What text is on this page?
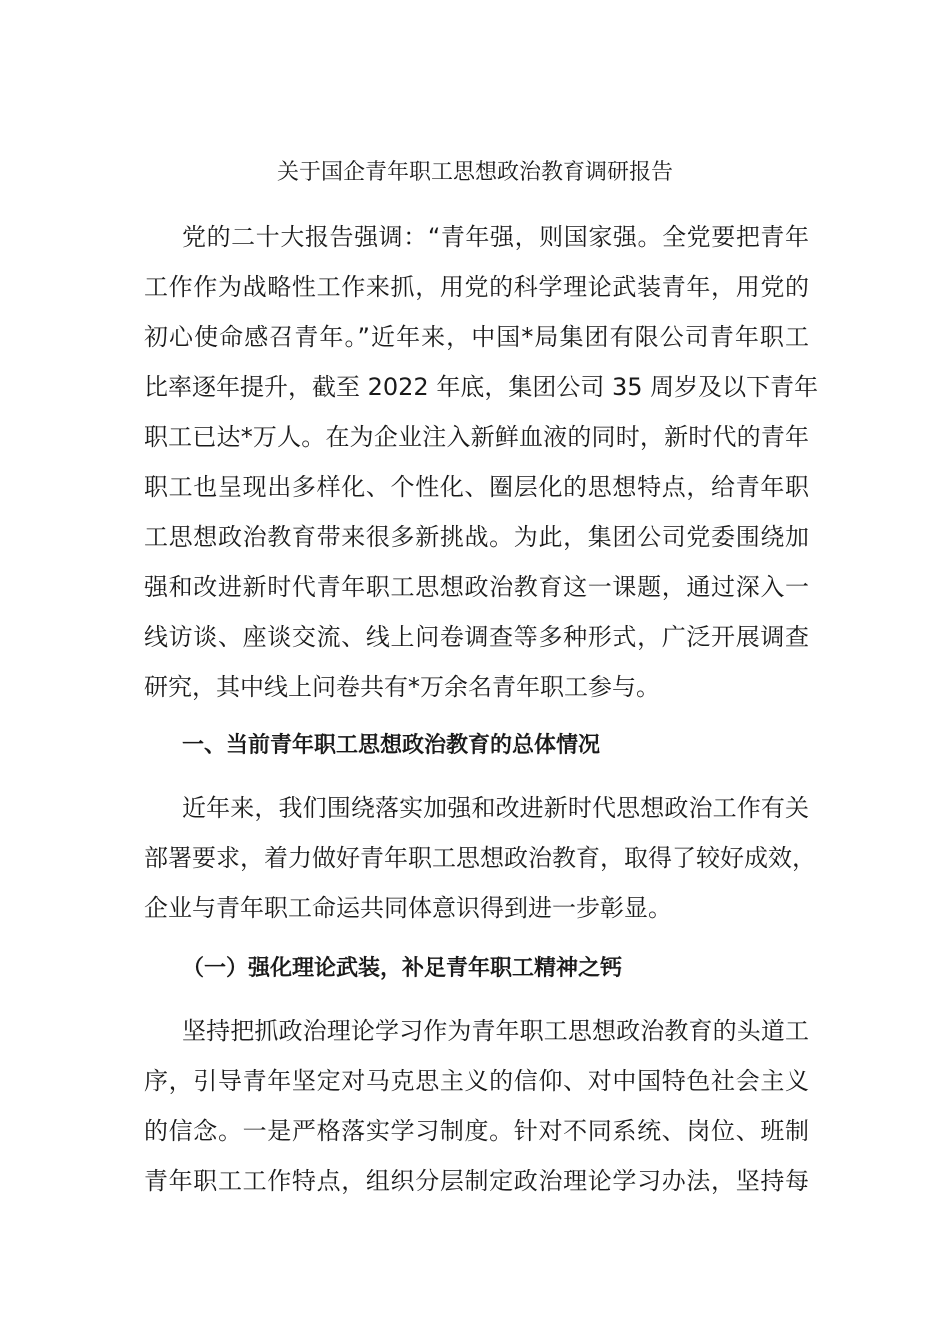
关于国企青年职工思想政治教育调研报告
党的二十大报告强调：“青年强，则国家强。全党要把青年
工作作为战略性工作来抓，用党的科学理论武装青年，用党的
初心使命感召青年。”近年来，中国*局集团有限公司青年职工
比率逐年提升，截至 2022 年底，集团公司 35 周岁及以下青年
职工已达*万人。在为企业注入新鲜血液的同时，新时代的青年
职工也呈现出多样化、个性化、圈层化的思想特点，给青年职
工思想政治教育带来很多新挑战。为此，集团公司党委围绕加
强和改进新时代青年职工思想政治教育这一课题，通过深入一
线访谈、座谈交流、线上问卷调查等多种形式，广泛开展调查
研究，其中线上问卷共有*万余名青年职工参与。
一、当前青年职工思想政治教育的总体情况
近年来，我们围绕落实加强和改进新时代思想政治工作有关
部署要求，着力做好青年职工思想政治教育，取得了较好成效，
企业与青年职工命运共同体意识得到进一步彰显。
（一）强化理论武装，补足青年职工精神之钙
坚持把抓政治理论学习作为青年职工思想政治教育的头道工
序，引导青年坚定对马克思主义的信仰、对中国特色社会主义
的信念。一是严格落实学习制度。针对不同系统、岗位、班制
青年职工工作特点，组织分层制定政治理论学习办法，坚持每
